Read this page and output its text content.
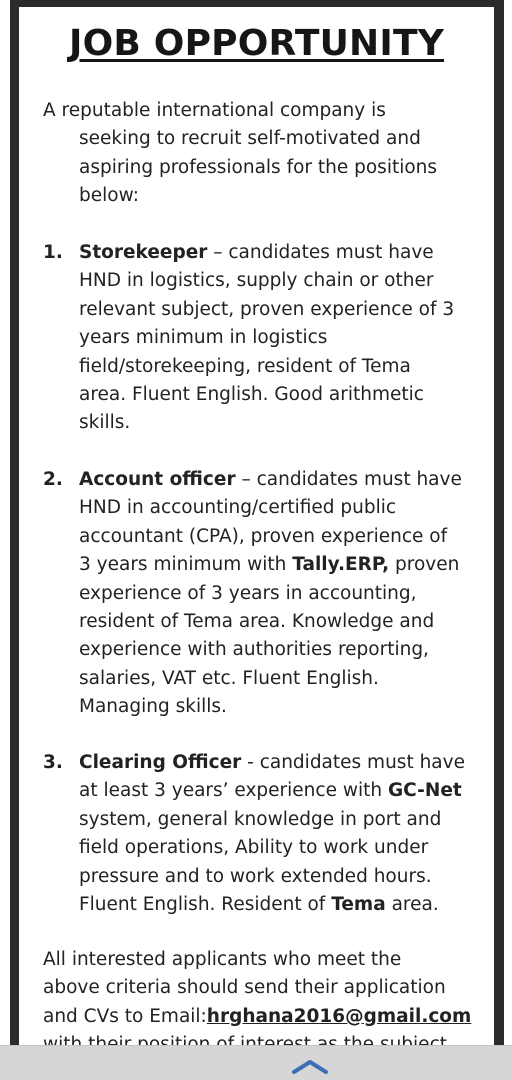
JOB OPPORTUNITY
A reputable international company is
seeking to recruit self-motivated and
aspiring professionals for the positions
below:
1. Storekeeper – candidates must have
HND in logistics, supply chain or other
relevant subject, proven experience of 3
years minimum in logistics
field/storekeeping, resident of Tema
area. Fluent English. Good arithmetic
skills.
2. Account officer – candidates must have
HND in accounting/certified public
accountant (CPA), proven experience of
3 years minimum with Tally.ERP, proven
experience of 3 years in accounting,
resident of Tema area. Knowledge and
experience with authorities reporting,
salaries, VAT etc. Fluent English.
Managing skills.
3. Clearing Officer - candidates must have
at least 3 years’ experience with GC-Net
system, general knowledge in port and
field operations, Ability to work under
pressure and to work extended hours.
Fluent English. Resident of Tema area.
All interested applicants who meet the
above criteria should send their application
and CVs to Email:hrghana2016@gmail.com
